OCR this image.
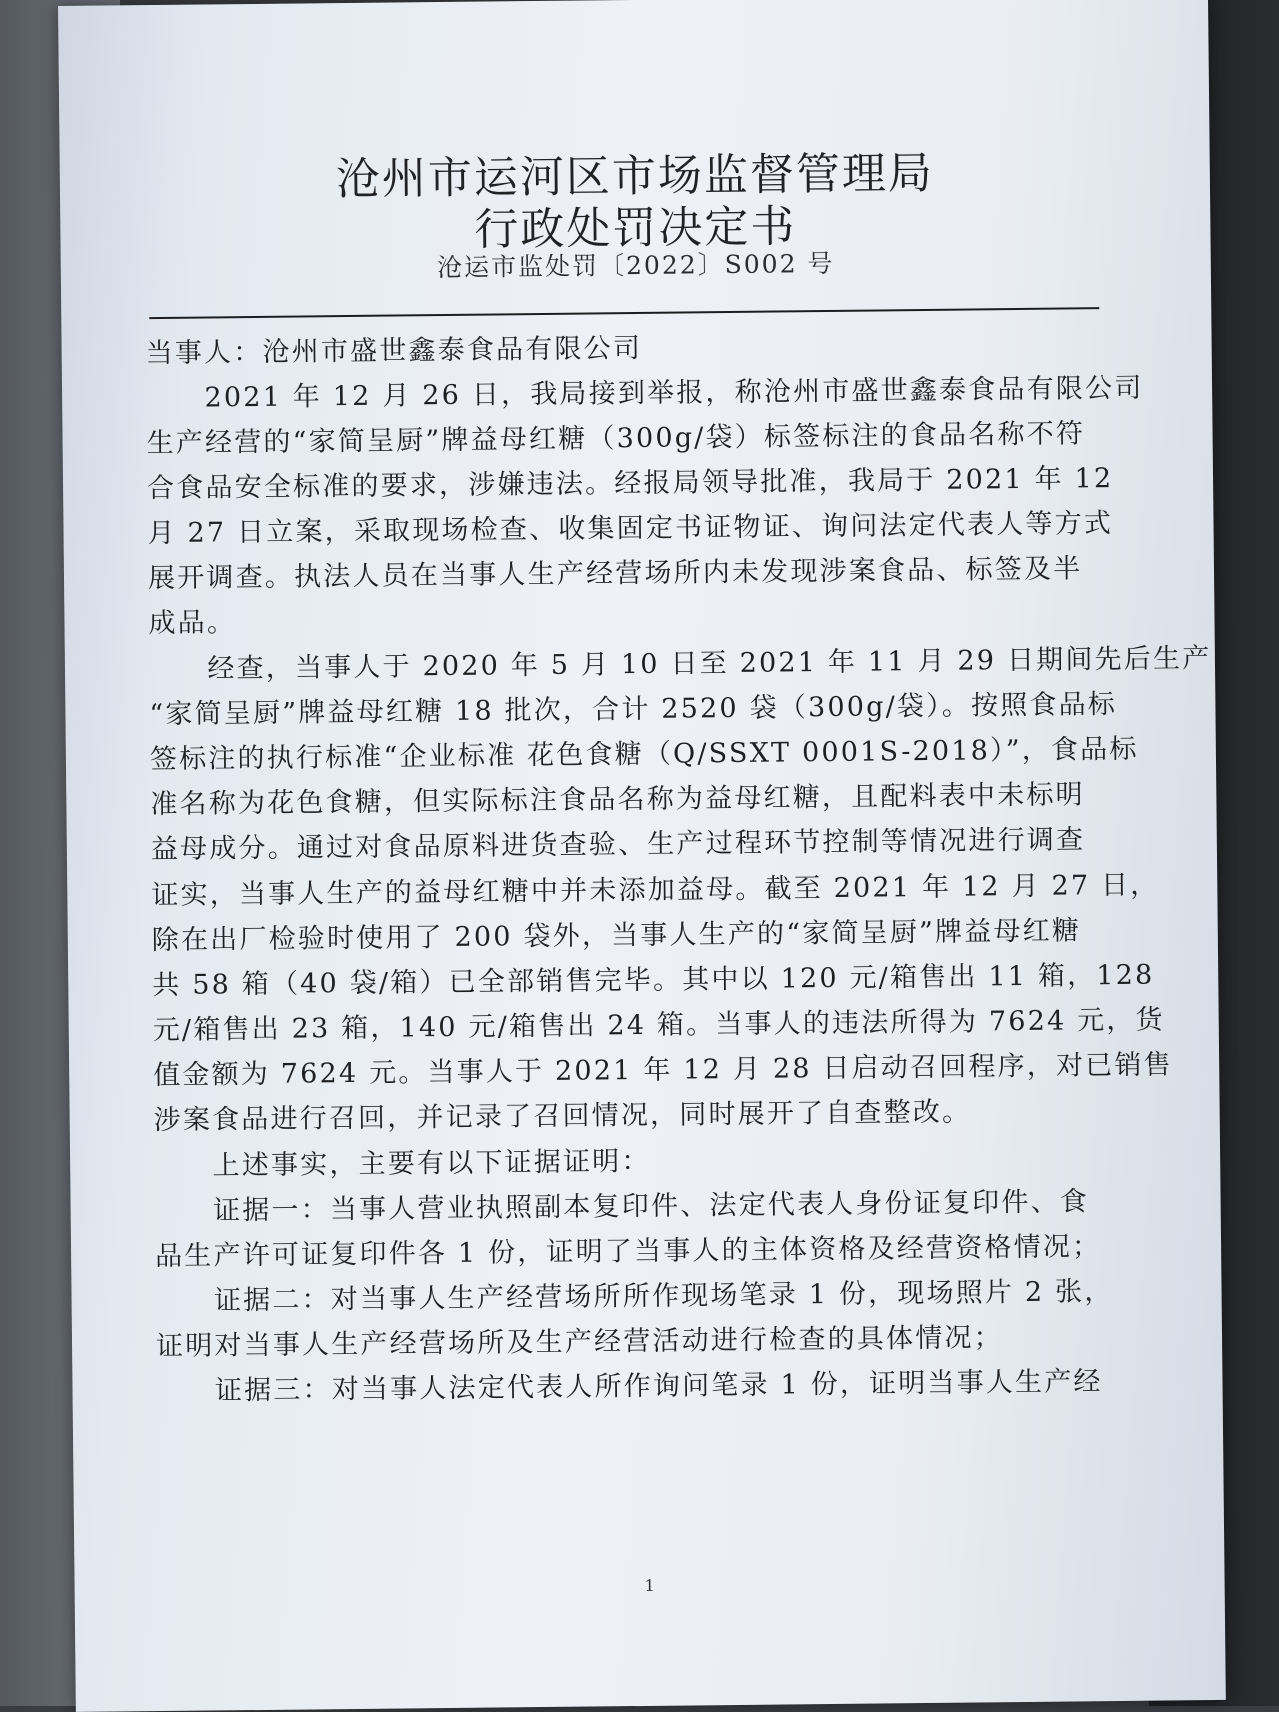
沧州市运河区市场监督管理局
行政处罚决定书
沧运市监处罚〔2022〕S002 号
当事人：沧州市盛世鑫泰食品有限公司
　　2021 年 12 月 26 日，我局接到举报，称沧州市盛世鑫泰食品有限公司
生产经营的“家简呈厨”牌益母红糖（300g/袋）标签标注的食品名称不符
合食品安全标准的要求，涉嫌违法。经报局领导批准，我局于 2021 年 12
月 27 日立案，采取现场检查、收集固定书证物证、询问法定代表人等方式
展开调查。执法人员在当事人生产经营场所内未发现涉案食品、标签及半
成品。
　　经查，当事人于 2020 年 5 月 10 日至 2021 年 11 月 29 日期间先后生产
“家简呈厨”牌益母红糖 18 批次，合计 2520 袋（300g/袋）。按照食品标
签标注的执行标准“企业标准 花色食糖（Q/SSXT 0001S-2018）”，食品标
准名称为花色食糖，但实际标注食品名称为益母红糖，且配料表中未标明
益母成分。通过对食品原料进货查验、生产过程环节控制等情况进行调查
证实，当事人生产的益母红糖中并未添加益母。截至 2021 年 12 月 27 日，
除在出厂检验时使用了 200 袋外，当事人生产的“家简呈厨”牌益母红糖
共 58 箱（40 袋/箱）已全部销售完毕。其中以 120 元/箱售出 11 箱，128
元/箱售出 23 箱，140 元/箱售出 24 箱。当事人的违法所得为 7624 元，货
值金额为 7624 元。当事人于 2021 年 12 月 28 日启动召回程序，对已销售
涉案食品进行召回，并记录了召回情况，同时展开了自查整改。
　　上述事实，主要有以下证据证明：
　　证据一：当事人营业执照副本复印件、法定代表人身份证复印件、食
品生产许可证复印件各 1 份，证明了当事人的主体资格及经营资格情况；
　　证据二：对当事人生产经营场所所作现场笔录 1 份，现场照片 2 张，
证明对当事人生产经营场所及生产经营活动进行检查的具体情况；
　　证据三：对当事人法定代表人所作询问笔录 1 份，证明当事人生产经
1
